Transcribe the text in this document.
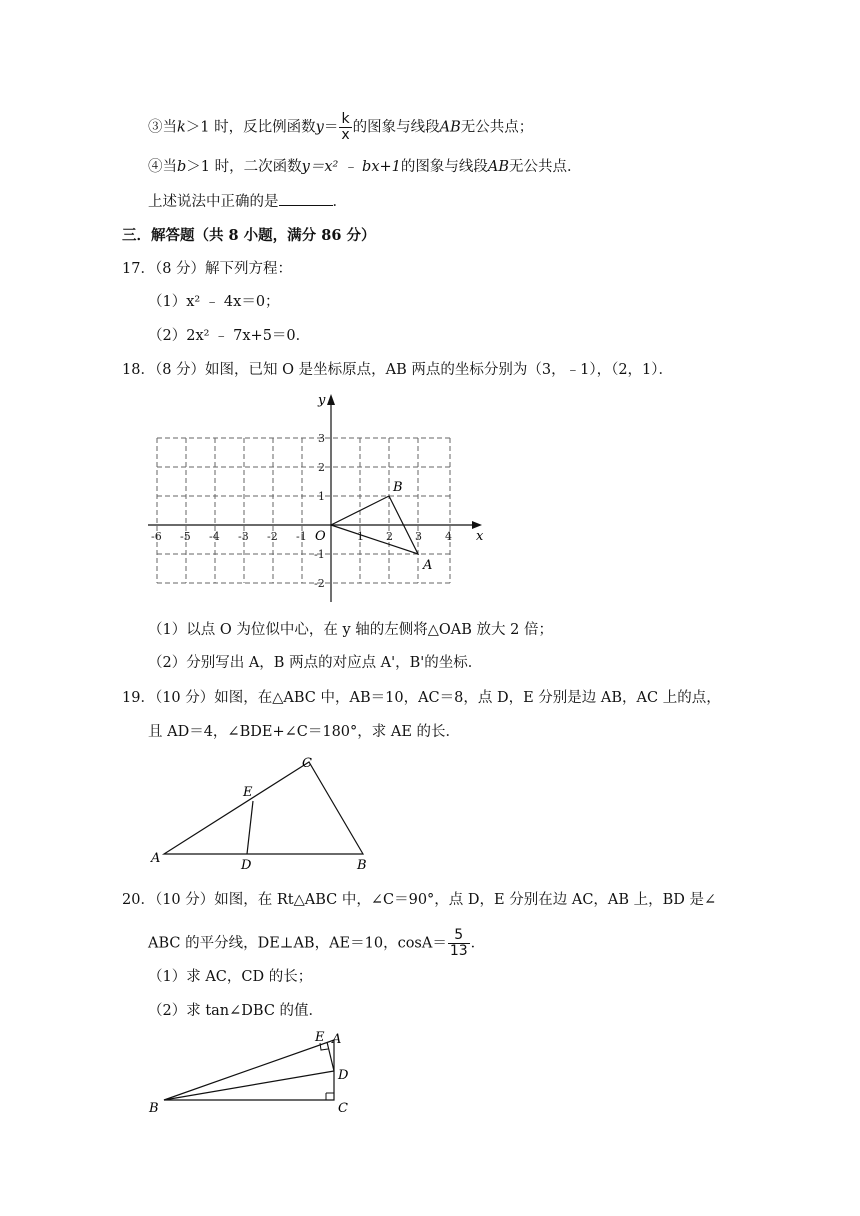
③当k＞1 时，反比例函数$y= \frac{k}{x}$ 的图象与线段AB无公共点；
④当b＞1 时，二次函数y＝x² ﹣ bx+1的图象与线段AB无公共点．
上述说法中正确的是	．
三．解答题（共 8 小题，满分 86 分）
17．（8 分）解下列方程：
（1）x² ﹣ 4x＝0；
（2）2x² ﹣ 7x+5＝0．
18．（8 分）如图，已知 O 是坐标原点，AB 两点的坐标分别为（3，﹣1），（2，1）．
x
y
O
-6 -5 -4 -3 -2 -1	1 2 3 4
3
2
1
-1
-2
B
A
（1）以点 O 为位似中心，在 y 轴的左侧将△OAB 放大 2 倍；
（2）分别写出 A，B 两点的对应点 A'，B'的坐标．
19．（10 分）如图，在△ABC 中，AB＝10，AC＝8，点 D，E 分别是边 AB，AC 上的点，
且 AD＝4，∠BDE+∠C＝180°，求 AE 的长．
A	B
C
D
E
20．（10 分）如图，在 Rt△ABC 中，∠C＝90°，点 D，E 分别在边 AC，AB 上，BD 是∠
ABC 的平分线，DE⊥AB，AE＝10，$\cos A= \frac{5}{13}$ ．
（1）求 AC，CD 的长；
（2）求 tan∠DBC 的值．
B	C
D
A
E
